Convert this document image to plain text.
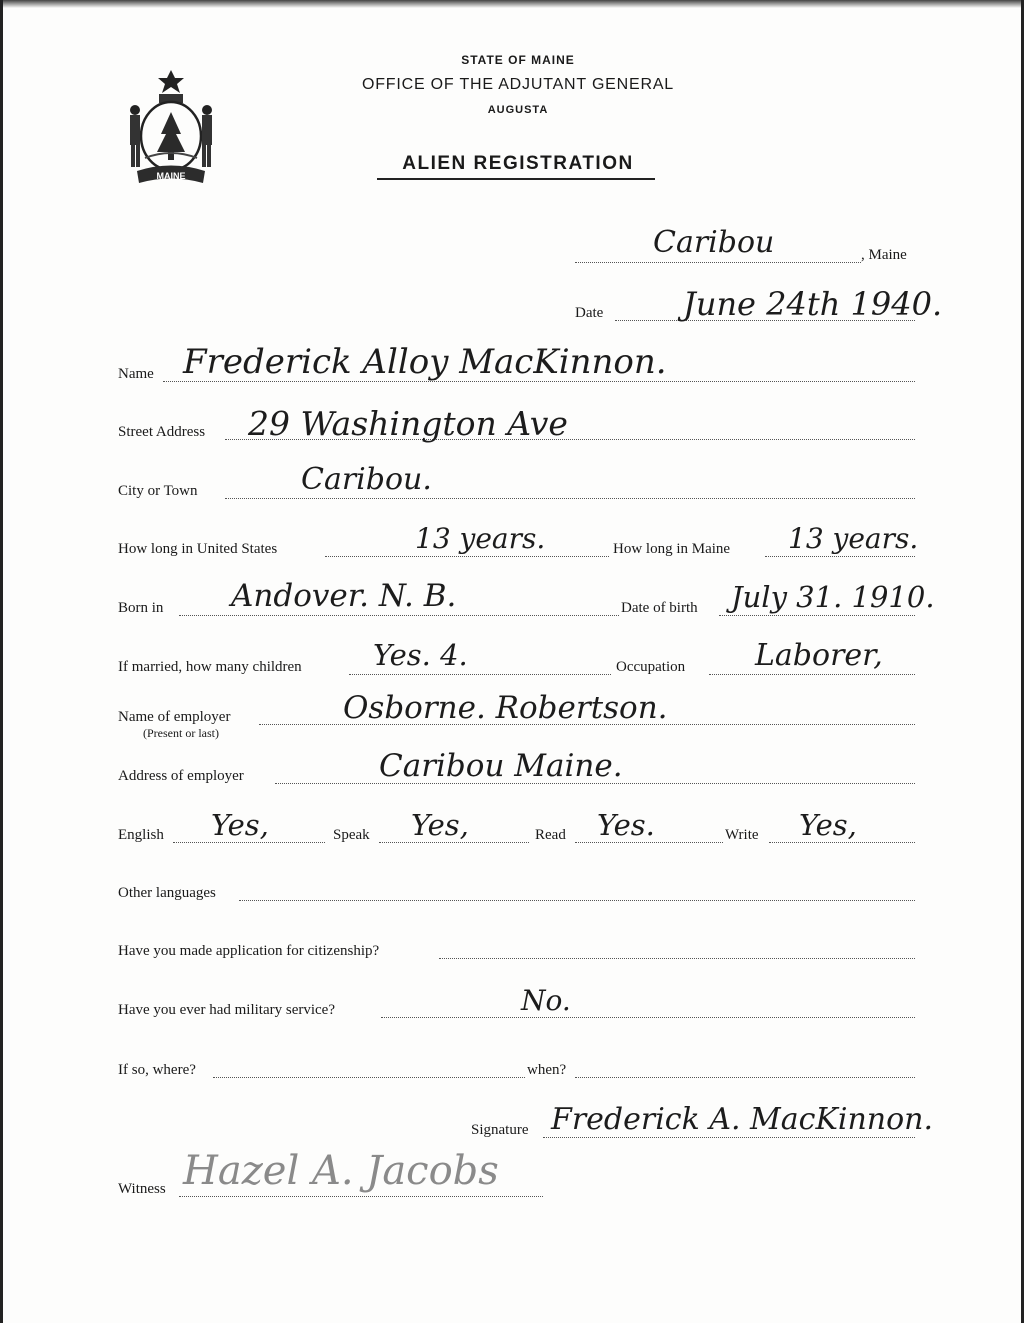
MAINE
STATE OF MAINE
OFFICE OF THE ADJUTANT GENERAL
AUGUSTA
ALIEN REGISTRATION
Caribou	, Maine
Date June 24th 1940.
Name Frederick Alloy MacKinnon.
Street Address 29 Washington Ave
City or Town	Caribou.
How long in United States	13 years.	How long in Maine 13 years.
Born in Andover. N. B.	Date of birth July 31. 1910.
If married, how many children Yes. 4.	Occupation Laborer,
Name of employer
(Present or last)
Osborne. Robertson.
Address of employer	Caribou Maine.
English Yes,	Speak Yes,	Read Yes.	Write Yes,
Other languages
Have you made application for citizenship?
Have you ever had military service?	No.
If so, where?	when?
Signature Frederick A. MacKinnon.
Witness Hazel A. Jacobs
